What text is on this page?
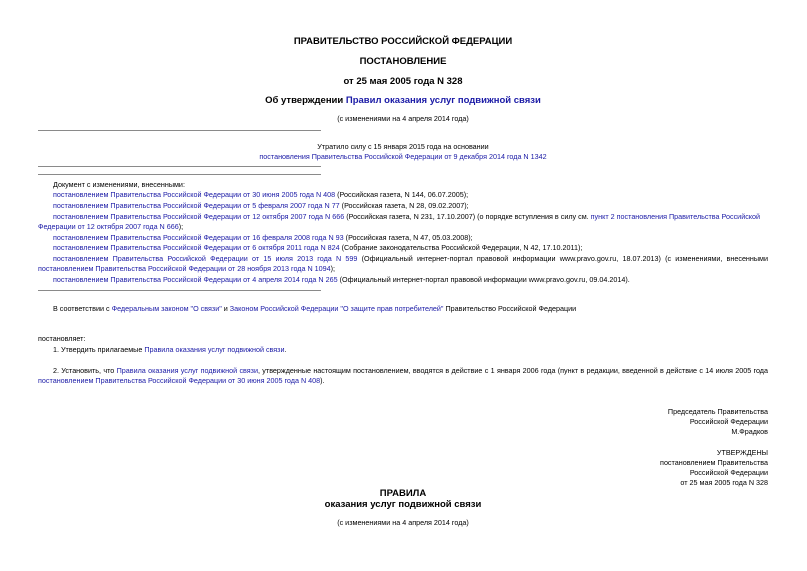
ПРАВИТЕЛЬСТВО РОССИЙСКОЙ ФЕДЕРАЦИИ
ПОСТАНОВЛЕНИЕ
от 25 мая 2005 года N 328
Об утверждении Правил оказания услуг подвижной связи
(с изменениями на 4 апреля 2014 года)
Утратило силу с 15 января 2015 года на основании
постановления Правительства Российской Федерации от 9 декабря 2014 года N 1342
Документ с изменениями, внесенными:
постановлением Правительства Российской Федерации от 30 июня 2005 года N 408 (Российская газета, N 144, 06.07.2005);
постановлением Правительства Российской Федерации от 5 февраля 2007 года N 77 (Российская газета, N 28, 09.02.2007);
постановлением Правительства Российской Федерации от 12 октября 2007 года N 666 (Российская газета, N 231, 17.10.2007) (о порядке вступления в силу см. пункт 2 постановления Правительства Российской
Федерации от 12 октября 2007 года N 666);
постановлением Правительства Российской Федерации от 16 февраля 2008 года N 93 (Российская газета, N 47, 05.03.2008);
постановлением Правительства Российской Федерации от 6 октября 2011 года N 824 (Собрание законодательства Российской Федерации, N 42, 17.10.2011);
постановлением Правительства Российской Федерации от 15 июля 2013 года N 599 (Официальный интернет-портал правовой информации www.pravo.gov.ru, 18.07.2013) (с изменениями, внесенными
постановлением Правительства Российской Федерации от 28 ноября 2013 года N 1094);
постановлением Правительства Российской Федерации от 4 апреля 2014 года N 265 (Официальный интернет-портал правовой информации www.pravo.gov.ru, 09.04.2014).
В соответствии с Федеральным законом "О связи" и Законом Российской Федерации "О защите прав потребителей" Правительство Российской Федерации
постановляет:
1. Утвердить прилагаемые Правила оказания услуг подвижной связи.
2. Установить, что Правила оказания услуг подвижной связи, утвержденные настоящим постановлением, вводятся в действие с 1 января 2006 года (пункт в редакции, введенной в действие с 14 июля 2005 года
постановлением Правительства Российской Федерации от 30 июня 2005 года N 408).
Председатель Правительства
Российской Федерации
М.Фрадков
УТВЕРЖДЕНЫ
постановлением Правительства
Российской Федерации
от 25 мая 2005 года N 328
ПРАВИЛА
оказания услуг подвижной связи
(с изменениями на 4 апреля 2014 года)
